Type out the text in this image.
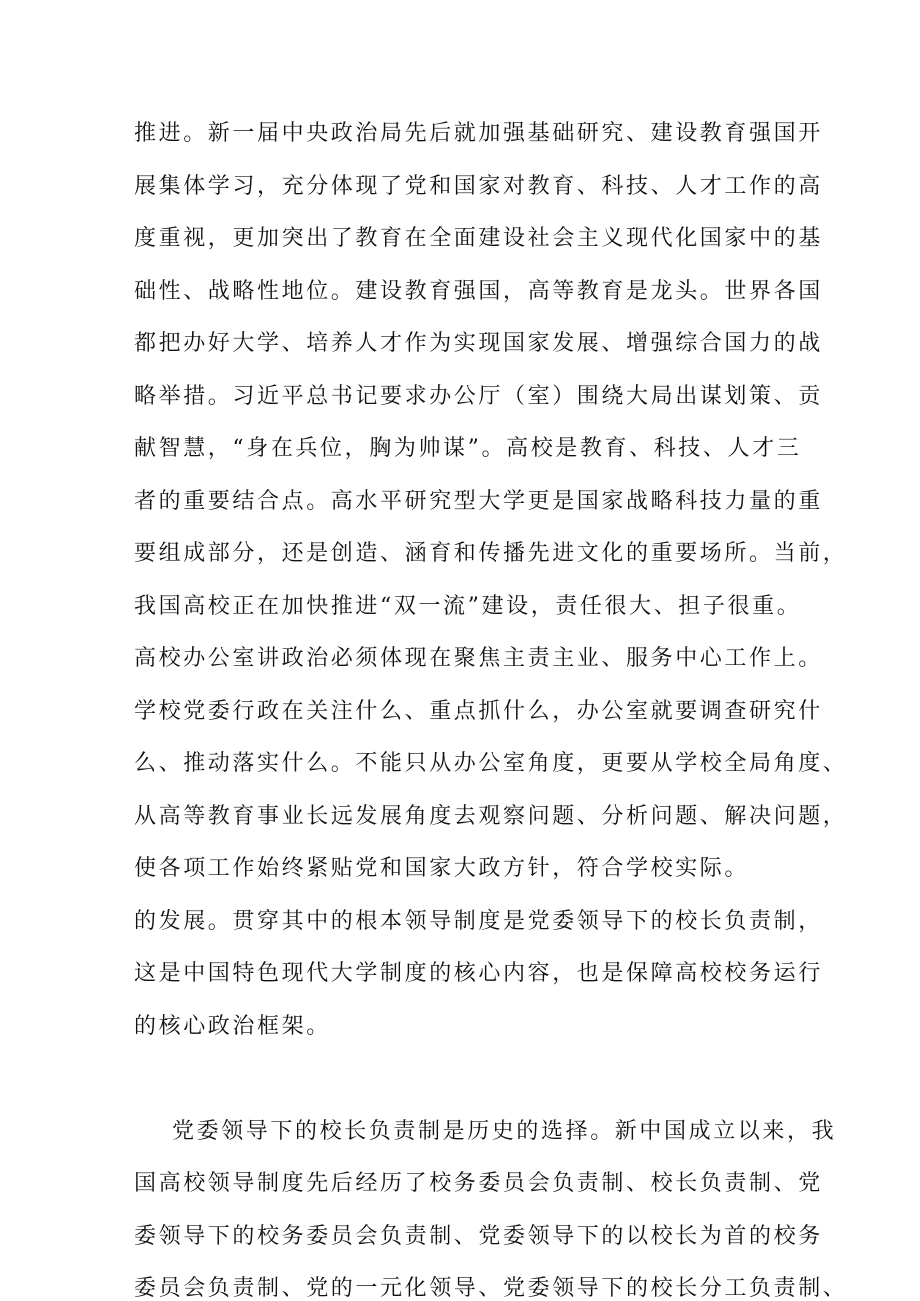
推进。新一届中央政治局先后就加强基础研究、建设教育强国开
展集体学习，充分体现了党和国家对教育、科技、人才工作的高
度重视，更加突出了教育在全面建设社会主义现代化国家中的基
础性、战略性地位。建设教育强国，高等教育是龙头。世界各国
都把办好大学、培养人才作为实现国家发展、增强综合国力的战
略举措。习近平总书记要求办公厅（室）围绕大局出谋划策、贡
献智慧，“身在兵位，胸为帅谋”。高校是教育、科技、人才三
者的重要结合点。高水平研究型大学更是国家战略科技力量的重
要组成部分，还是创造、涵育和传播先进文化的重要场所。当前，
我国高校正在加快推进“双一流”建设，责任很大、担子很重。
高校办公室讲政治必须体现在聚焦主责主业、服务中心工作上。
学校党委行政在关注什么、重点抓什么，办公室就要调查研究什
么、推动落实什么。不能只从办公室角度，更要从学校全局角度、
从高等教育事业长远发展角度去观察问题、分析问题、解决问题，
使各项工作始终紧贴党和国家大政方针，符合学校实际。
的发展。贯穿其中的根本领导制度是党委领导下的校长负责制，
这是中国特色现代大学制度的核心内容，也是保障高校校务运行
的核心政治框架。
党委领导下的校长负责制是历史的选择。新中国成立以来，我
国高校领导制度先后经历了校务委员会负责制、校长负责制、党
委领导下的校务委员会负责制、党委领导下的以校长为首的校务
委员会负责制、党的一元化领导、党委领导下的校长分工负责制、
